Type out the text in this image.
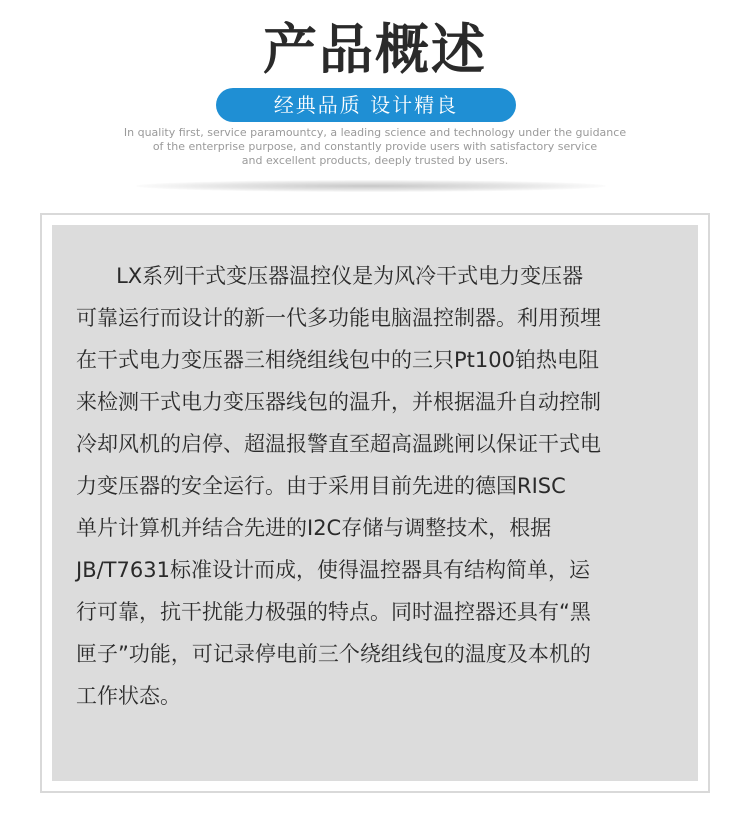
产品概述
经典品质 设计精良
In quality first, service paramountcy, a leading science and technology under the guidance
of the enterprise purpose, and constantly provide users with satisfactory service
and excellent products, deeply trusted by users.

LX系列干式变压器温控仪是为风冷干式电力变压器
可靠运行而设计的新一代多功能电脑温控制器。利用预埋
在干式电力变压器三相绕组线包中的三只Pt100铂热电阻
来检测干式电力变压器线包的温升，并根据温升自动控制
冷却风机的启停、超温报警直至超高温跳闸以保证干式电
力变压器的安全运行。由于采用目前先进的德国RISC
单片计算机并结合先进的I2C存储与调整技术，根据
JB/T7631标准设计而成，使得温控器具有结构简单，运
行可靠，抗干扰能力极强的特点。同时温控器还具有“黑
匣子”功能，可记录停电前三个绕组线包的温度及本机的
工作状态。
